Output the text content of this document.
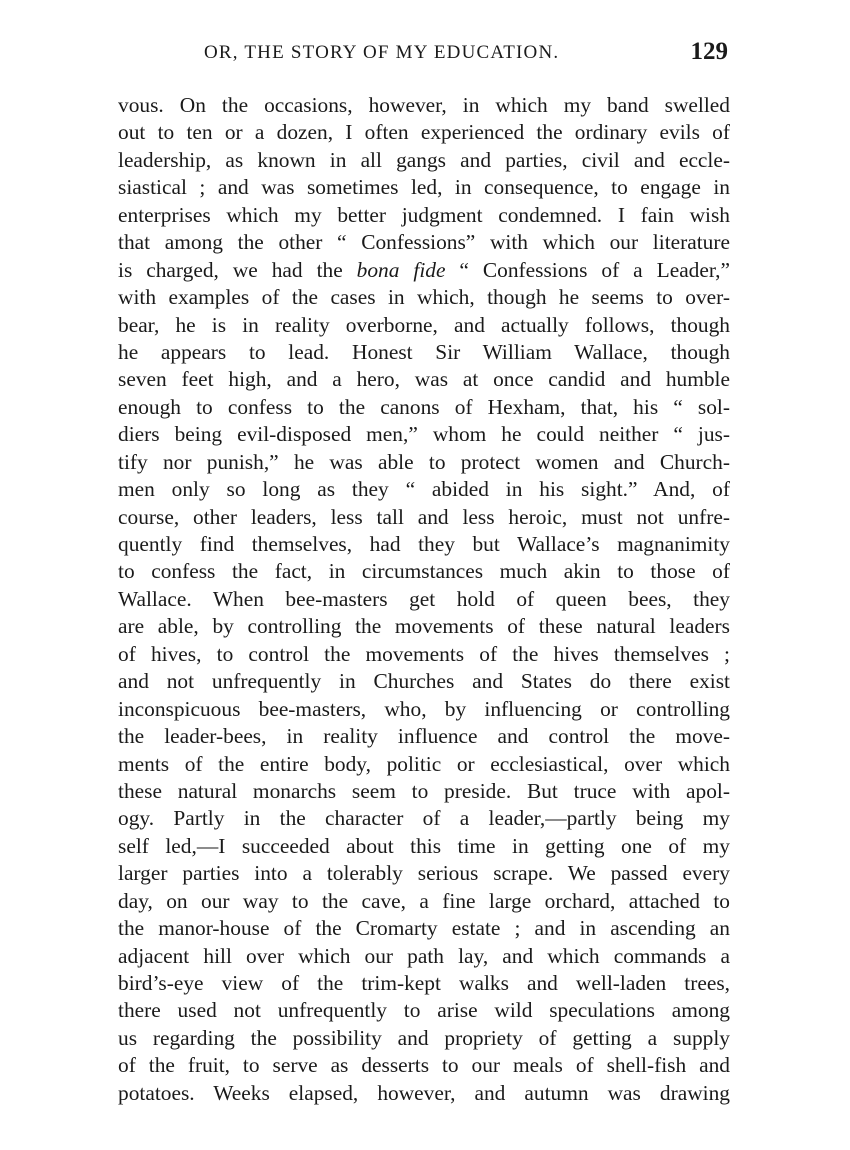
OR, THE STORY OF MY EDUCATION.	129
vous. On the occasions, however, in which my band swelled
out to ten or a dozen, I often experienced the ordinary evils of
leadership, as known in all gangs and parties, civil and eccle-
siastical ; and was sometimes led, in consequence, to engage in
enterprises which my better judgment condemned. I fain wish
that among the other “ Confessions” with which our literature
is charged, we had the bona fide “ Confessions of a Leader,”
with examples of the cases in which, though he seems to over-
bear, he is in reality overborne, and actually follows, though
he appears to lead. Honest Sir William Wallace, though
seven feet high, and a hero, was at once candid and humble
enough to confess to the canons of Hexham, that, his “ sol-
diers being evil-disposed men,” whom he could neither “ jus-
tify nor punish,” he was able to protect women and Church-
men only so long as they “ abided in his sight.” And, of
course, other leaders, less tall and less heroic, must not unfre-
quently find themselves, had they but Wallace’s magnanimity
to confess the fact, in circumstances much akin to those of
Wallace. When bee-masters get hold of queen bees, they
are able, by controlling the movements of these natural leaders
of hives, to control the movements of the hives themselves ;
and not unfrequently in Churches and States do there exist
inconspicuous bee-masters, who, by influencing or controlling
the leader-bees, in reality influence and control the move-
ments of the entire body, politic or ecclesiastical, over which
these natural monarchs seem to preside. But truce with apol-
ogy. Partly in the character of a leader,—partly being my
self led,—I succeeded about this time in getting one of my
larger parties into a tolerably serious scrape. We passed every
day, on our way to the cave, a fine large orchard, attached to
the manor-house of the Cromarty estate ; and in ascending an
adjacent hill over which our path lay, and which commands a
bird’s-eye view of the trim-kept walks and well-laden trees,
there used not unfrequently to arise wild speculations among
us regarding the possibility and propriety of getting a supply
of the fruit, to serve as desserts to our meals of shell-fish and
potatoes. Weeks elapsed, however, and autumn was drawing
